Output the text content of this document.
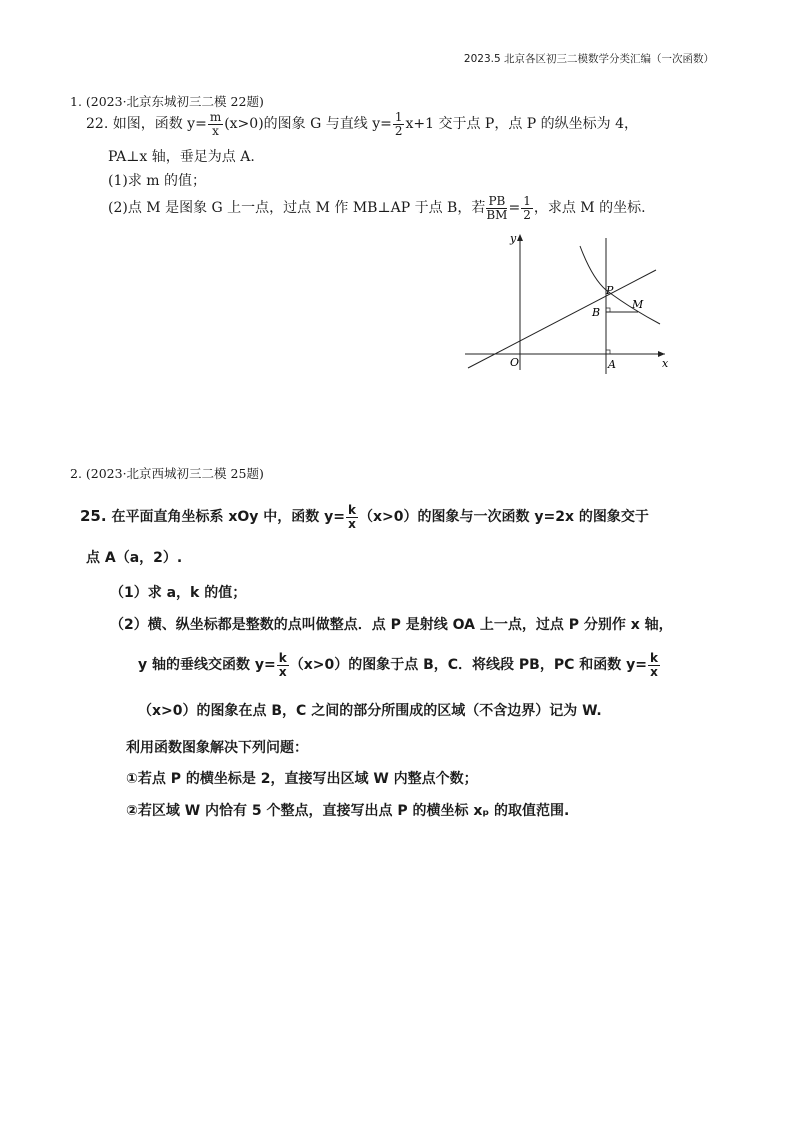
2023.5 北京各区初三二模数学分类汇编（一次函数）
1. (2023·北京东城初三二模 22题)
22. 如图，函数 $y= \frac{m}{x} (x>0)$的图象 G 与直线 $y= \frac{1}{2} x+1$ 交于点 P，点 P 的纵坐标为 4，
PA⊥x 轴，垂足为点 A.
(1)求 m 的值；
(2)点 M 是图象 G 上一点，过点 M 作 MB⊥AP 于点 B，若 $\frac{PB}{BM} = \frac{1}{2}$ ，求点 M 的坐标.
y
x
O	A
P
B
M
2. (2023·北京西城初三二模 25题)
25. 在平面直角坐标系 xOy 中，函数 $y= \frac{k}{x} (x>0)$的图象与一次函数 y=2x 的图象交于
点 A（a，2）.
（1）求 a，k 的值；
（2）横、纵坐标都是整数的点叫做整点．点 P 是射线 OA 上一点，过点 P 分别作 x 轴，
y 轴的垂线交函数 $y= \frac{k}{x} (x>0)$的图象于点 B，C．将线段 PB，PC 和函数 $y= \frac{k}{x}$
（x>0）的图象在点 B，C 之间的部分所围成的区域（不含边界）记为 W.
利用函数图象解决下列问题：
①若点 P 的横坐标是 2，直接写出区域 W 内整点个数；
②若区域 W 内恰有 5 个整点，直接写出点 P 的横坐标 xₚ 的取值范围.
